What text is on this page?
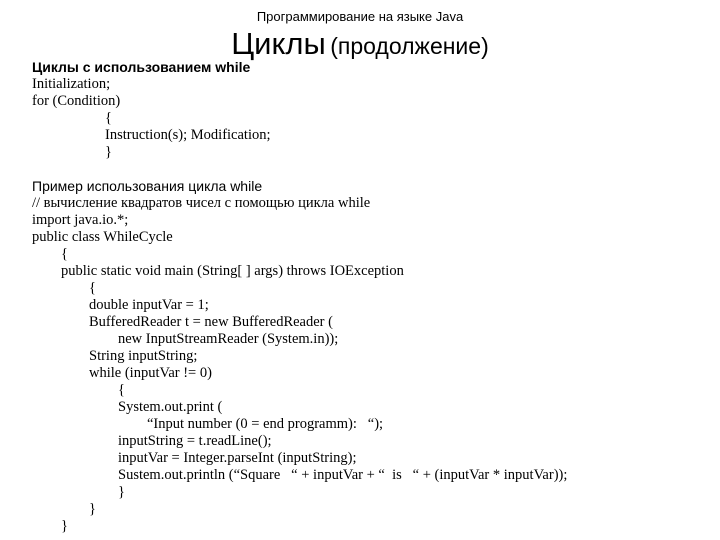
Программирование на языке Java
Циклы (продолжение)
Циклы с использованием while
Initialization;
for (Condition)
{
Instruction(s); Modification;
}
Пример использования цикла while
// вычисление квадратов чисел с помощью цикла while
import java.io.*;
public class WhileCycle
{
public static void main (String[ ] args) throws IOException
{
double inputVar = 1;
BufferedReader t = new BufferedReader (
new InputStreamReader (System.in));
String inputString;
while (inputVar != 0)
{
System.out.print (
“Input number (0 = end programm):   “);
inputString = t.readLine();
inputVar = Integer.parseInt (inputString);
Sustem.out.println (“Square   “ + inputVar + “  is   “ + (inputVar * inputVar));
}
}
}
